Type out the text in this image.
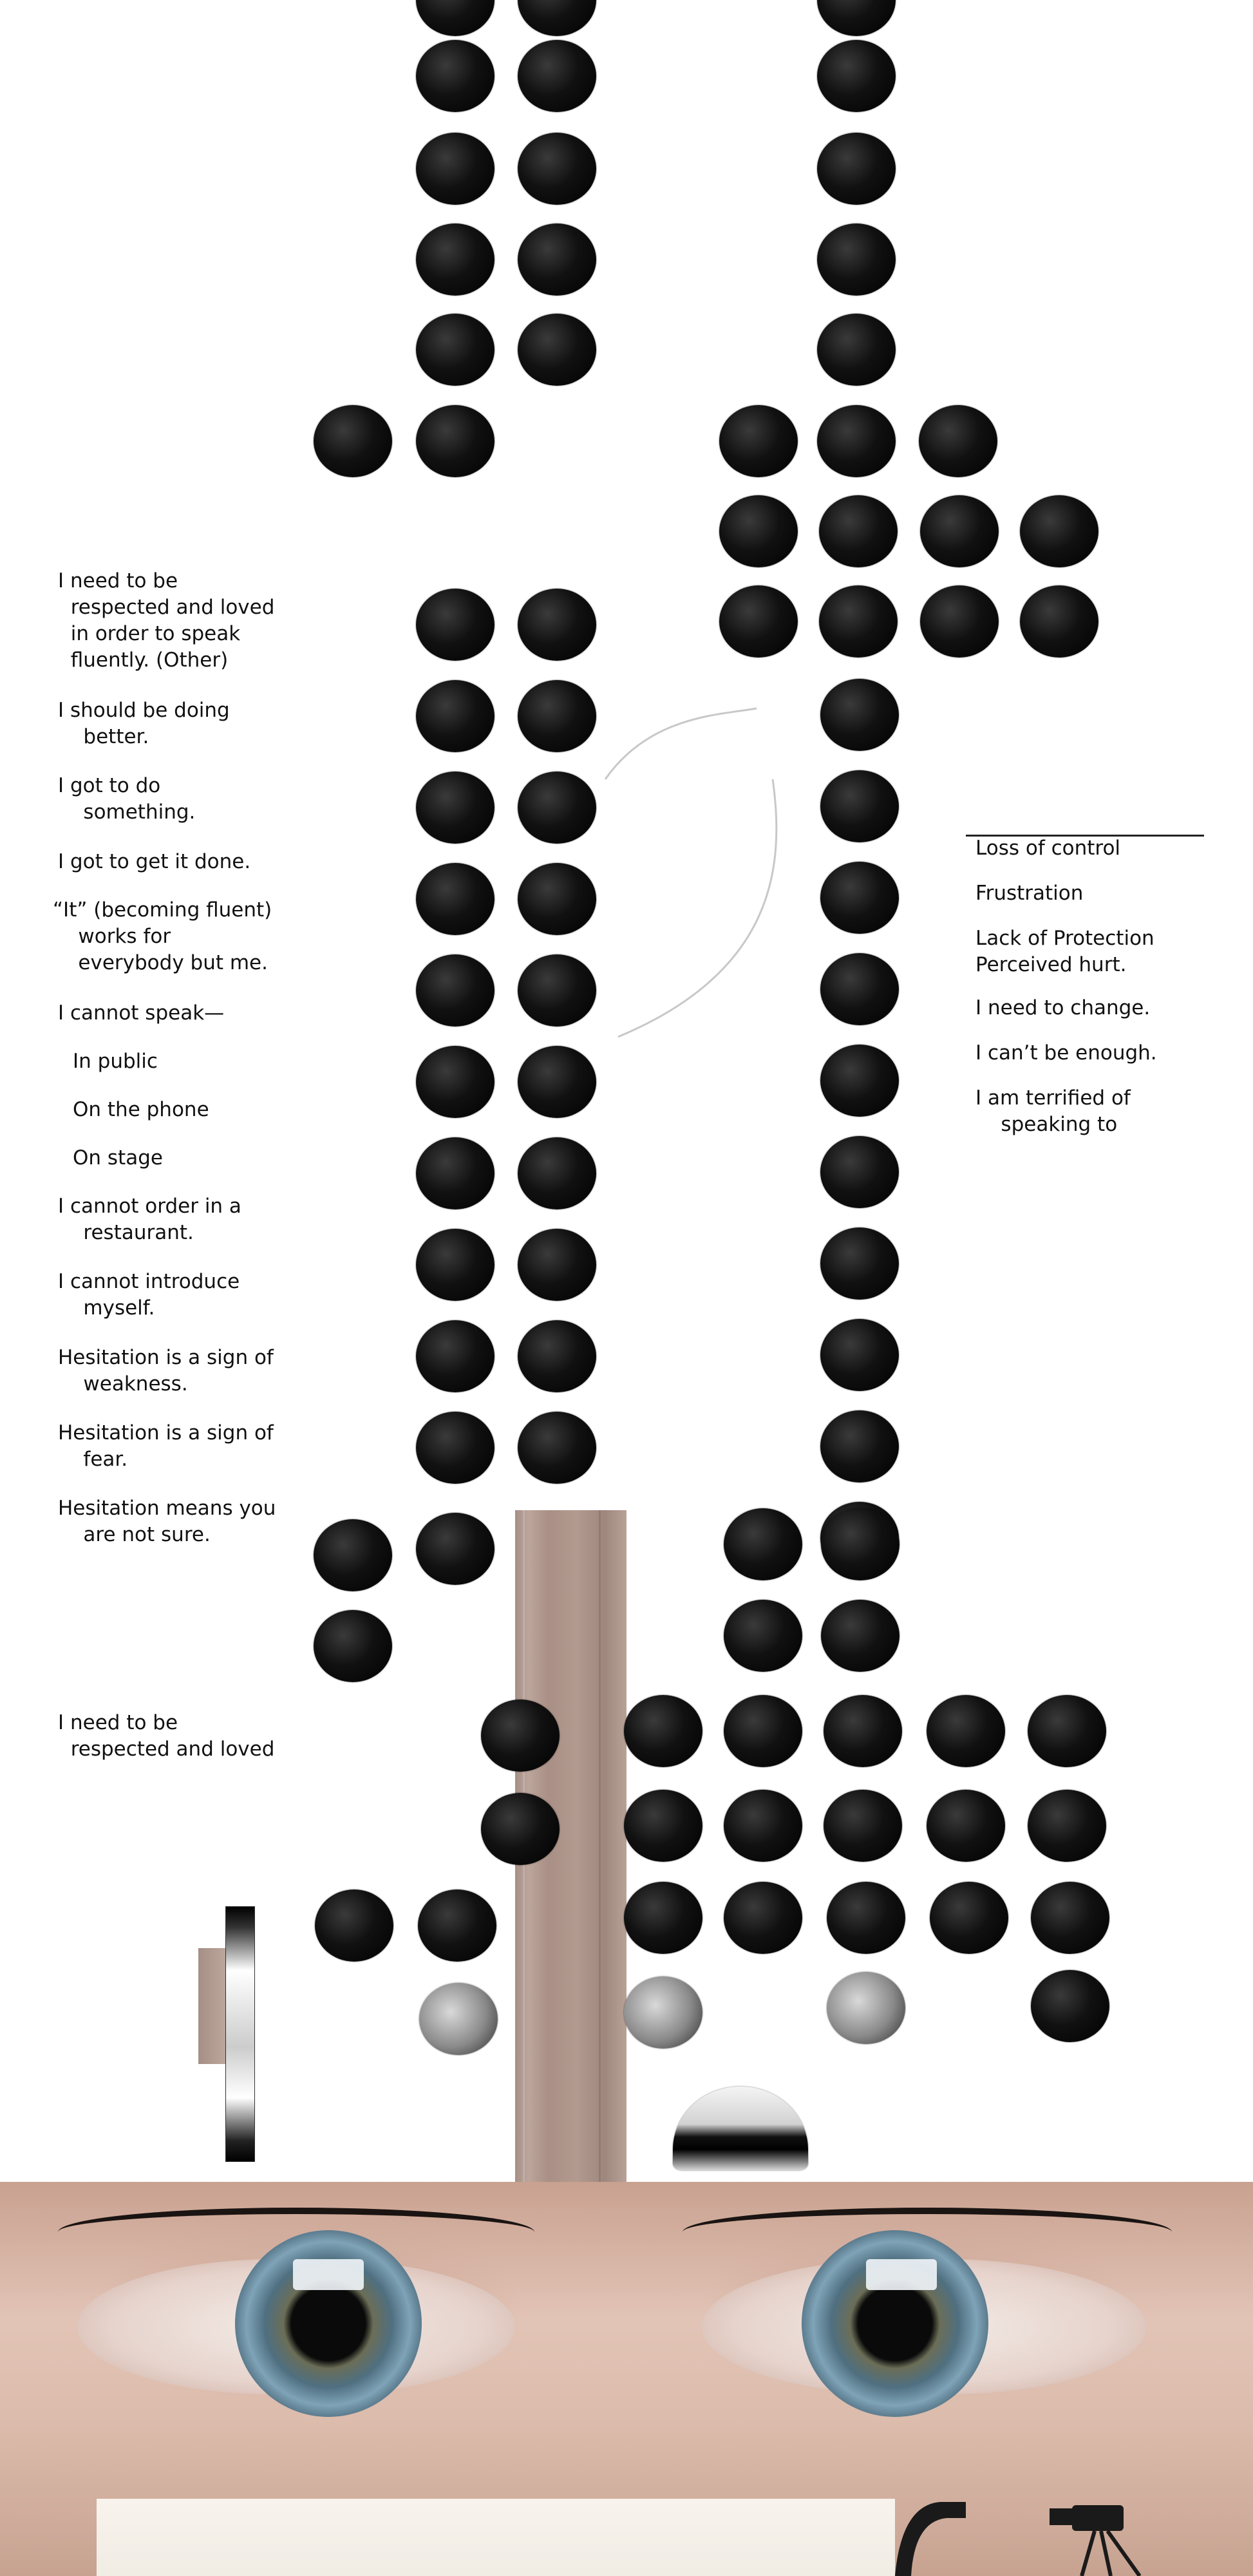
I need to be
respected and loved
in order to speak
fluently. (Other)
I should be doing
better.
I got to do
something.
I got to get it done.
“It” (becoming fluent)
works for
everybody but me.
I cannot speak—
In public
On the phone
On stage
I cannot order in a
restaurant.
I cannot introduce
myself.
Hesitation is a sign of
weakness.
Hesitation is a sign of
fear.
Hesitation means you
are not sure.
I need to be
respected and loved
Loss of control
Frustration
Lack of Protection
Perceived hurt.
I need to change.
I can’t be enough.
I am terrified of
speaking to
